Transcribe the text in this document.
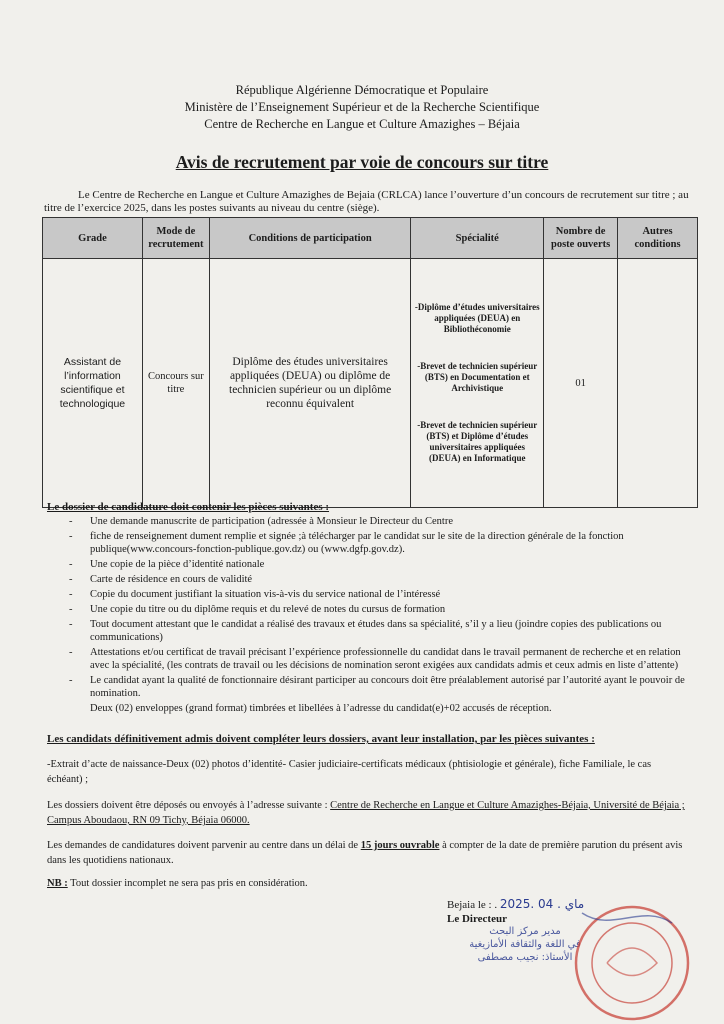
République Algérienne Démocratique et Populaire
Ministère de l’Enseignement Supérieur et de la Recherche Scientifique
Centre de Recherche en Langue et Culture Amazighes – Béjaia
Avis de recrutement par voie de concours sur titre
Le Centre de Recherche en Langue et Culture Amazighes de Bejaia (CRLCA) lance l’ouverture d’un concours de recrutement sur titre ; au titre de l’exercice 2025, dans les postes suivants au niveau du centre (siège).
Grade	Mode de recrutement	Conditions de participation	Spécialité	Nombre de poste ouverts	Autres conditions
Assistant de l’information scientifique et technologique	Concours sur titre	Diplôme des études universitaires appliquées (DEUA) ou diplôme de technicien supérieur ou un diplôme reconnu équivalent	-Diplôme d’études universitaires appliquées (DEUA) en Bibliothéconomie
-Brevet de technicien supérieur (BTS) en Documentation et Archivistique
-Brevet de technicien supérieur (BTS) et Diplôme d’études universitaires appliquées (DEUA) en Informatique	01	
Le dossier de candidature doit contenir les pièces suivantes :
- Une demande manuscrite de participation (adressée à Monsieur le Directeur du Centre
- fiche de renseignement dument remplie et signée ;à télécharger par le candidat sur le site de la direction générale de la fonction publique(www.concours-fonction-publique.gov.dz) ou (www.dgfp.gov.dz).
- Une copie de la pièce d’identité nationale
- Carte de résidence en cours de validité
- Copie du document justifiant la situation vis-à-vis du service national de l’intéressé
- Une copie du titre ou du diplôme requis et du relevé de notes du cursus de formation
- Tout document attestant que le candidat a réalisé des travaux et études dans sa spécialité, s’il y a lieu (joindre copies des publications ou communications)
- Attestations et/ou certificat de travail précisant l’expérience professionnelle du candidat dans le travail permanent de recherche et en relation avec la spécialité, (les contrats de travail ou les décisions de nomination seront exigées aux candidats admis et ceux admis en liste d’attente)
- Le candidat ayant la qualité de fonctionnaire désirant participer au concours doit être préalablement autorisé par l’autorité ayant le pouvoir de nomination.
Deux (02) enveloppes (grand format) timbrées et libellées à l’adresse du candidat(e)+02 accusés de réception.
Les candidats définitivement admis doivent compléter leurs dossiers, avant leur installation, par les pièces suivantes :
-Extrait d’acte de naissance-Deux (02) photos d’identité- Casier judiciaire-certificats médicaux (phtisiologie et générale), fiche Familiale, le cas échéant) ;
Les dossiers doivent être déposés ou envoyés à l’adresse suivante : Centre de Recherche en Langue et Culture Amazighes-Béjaia, Université de Béjaia ; Campus Aboudaou, RN 09 Tichy, Béjaia 06000.
Les demandes de candidatures doivent parvenir au centre dans un délai de 15 jours ouvrable à compter de la date de première parution du présent avis dans les quotidiens nationaux.
NB : Tout dossier incomplet ne sera pas pris en considération.
Bejaia le : . 2025. ماي . 04
Le Directeur
مدير مركز البحث
في اللغة والثقافة الأمازيغية
الأستاذ: نجيب مصطفى
